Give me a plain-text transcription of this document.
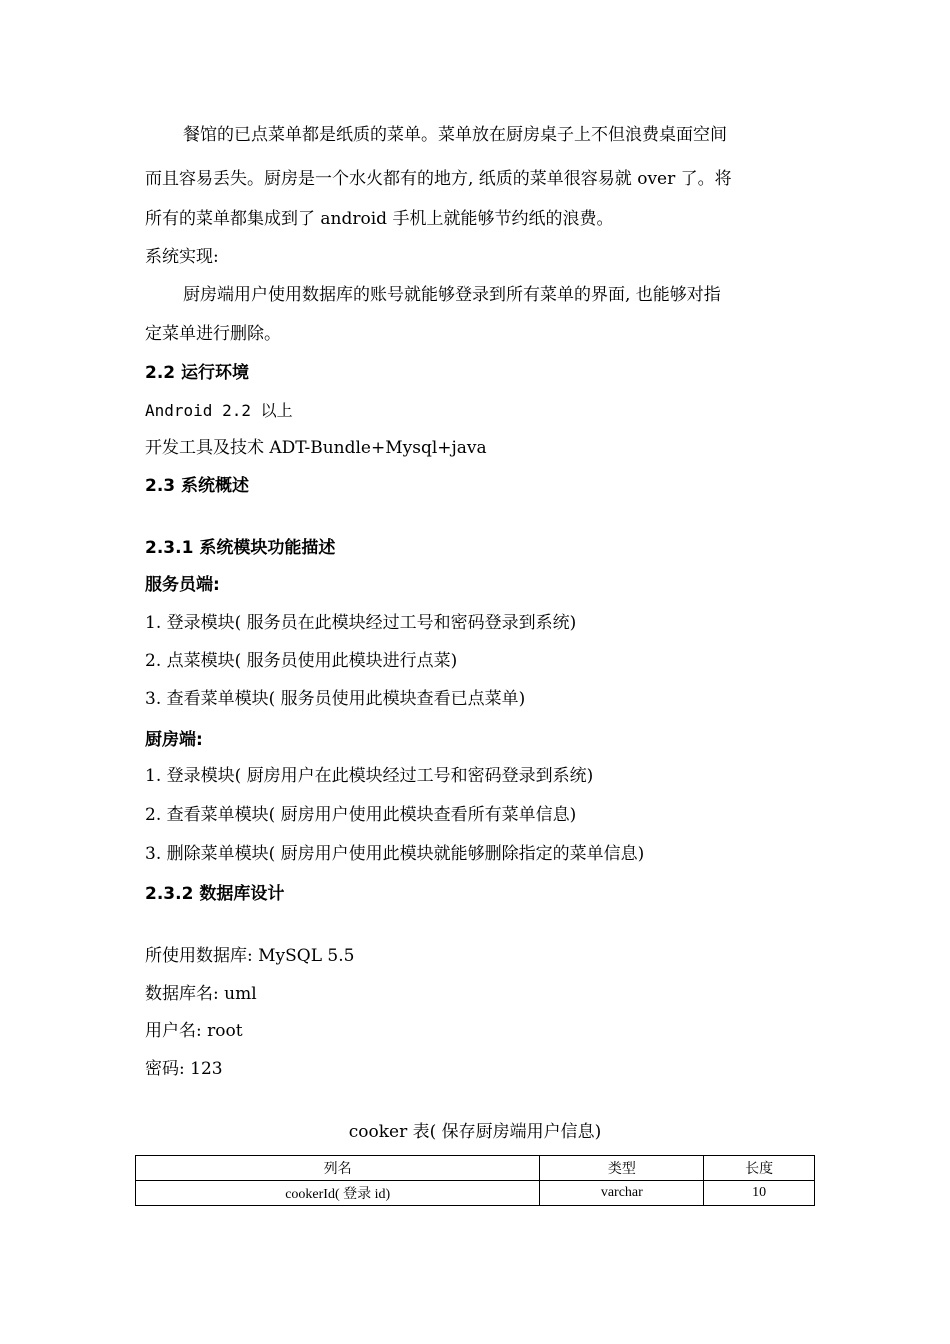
餐馆的已点菜单都是纸质的菜单。菜单放在厨房桌子上不但浪费桌面空间
而且容易丢失。厨房是一个水火都有的地方, 纸质的菜单很容易就 over 了。将
所有的菜单都集成到了 android 手机上就能够节约纸的浪费。
系统实现:
厨房端用户使用数据库的账号就能够登录到所有菜单的界面, 也能够对指
定菜单进行删除。
2.2 运行环境
Android 2.2 以上
开发工具及技术 ADT-Bundle+Mysql+java
2.3 系统概述
2.3.1 系统模块功能描述
服务员端:
1. 登录模块( 服务员在此模块经过工号和密码登录到系统)
2. 点菜模块( 服务员使用此模块进行点菜)
3. 查看菜单模块( 服务员使用此模块查看已点菜单)
厨房端:
1. 登录模块( 厨房用户在此模块经过工号和密码登录到系统)
2. 查看菜单模块( 厨房用户使用此模块查看所有菜单信息)
3. 删除菜单模块( 厨房用户使用此模块就能够删除指定的菜单信息)
2.3.2 数据库设计
所使用数据库: MySQL 5.5
数据库名: uml
用户名: root
密码: 123
cooker 表( 保存厨房端用户信息)
列名	类型	长度
cookerId( 登录 id)	varchar	10
